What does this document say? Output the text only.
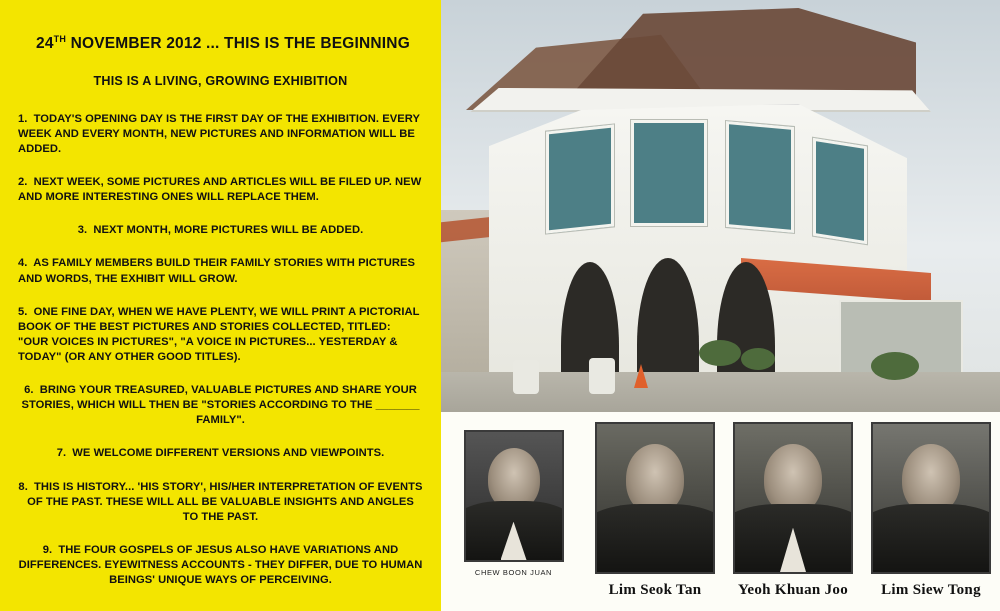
24TH NOVEMBER 2012 ... THIS IS THE BEGINNING
THIS IS A LIVING, GROWING EXHIBITION
1. TODAY'S OPENING DAY IS THE FIRST DAY OF THE EXHIBITION. EVERY WEEK AND EVERY MONTH, NEW PICTURES AND INFORMATION WILL BE ADDED.
2. NEXT WEEK, SOME PICTURES AND ARTICLES WILL BE FILED UP. NEW AND MORE INTERESTING ONES WILL REPLACE THEM.
3. NEXT MONTH, MORE PICTURES WILL BE ADDED.
4. AS FAMILY MEMBERS BUILD THEIR FAMILY STORIES WITH PICTURES AND WORDS, THE EXHIBIT WILL GROW.
5. ONE FINE DAY, WHEN WE HAVE PLENTY, WE WILL PRINT A PICTORIAL BOOK OF THE BEST PICTURES AND STORIES COLLECTED, TITLED: "OUR VOICES IN PICTURES", "A VOICE IN PICTURES... YESTERDAY & TODAY" (OR ANY OTHER GOOD TITLES).
6. BRING YOUR TREASURED, VALUABLE PICTURES AND SHARE YOUR STORIES, WHICH WILL THEN BE "STORIES ACCORDING TO THE _______ FAMILY".
7. WE WELCOME DIFFERENT VERSIONS AND VIEWPOINTS.
8. THIS IS HISTORY... 'HIS STORY', HIS/HER INTERPRETATION OF EVENTS OF THE PAST. THESE WILL ALL BE VALUABLE INSIGHTS AND ANGLES TO THE PAST.
9. THE FOUR GOSPELS OF JESUS ALSO HAVE VARIATIONS AND DIFFERENCES. EYEWITNESS ACCOUNTS - THEY DIFFER, DUE TO HUMAN BEINGS' UNIQUE WAYS OF PERCEIVING.
CHEW BOON JUAN
Lim Seok Tan Yeoh Khuan Joo Lim Siew Tong
